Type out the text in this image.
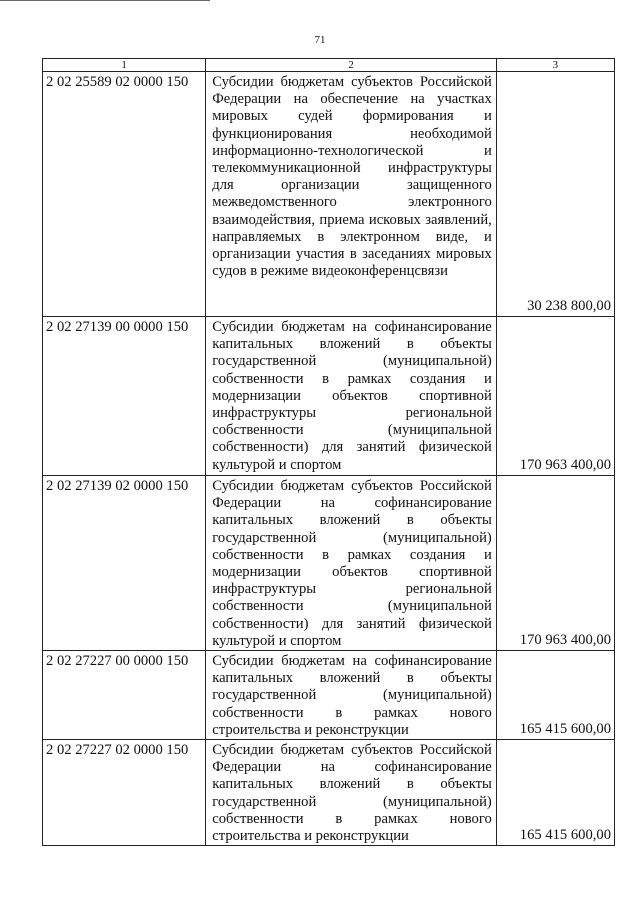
71
1	2	3
2 02 25589 02 0000 150	Субсидии бюджетам субъектов Российской Федерации на обеспечение на участках мировых судей формирования и функционирования необходимой информационно-технологической и телекоммуникационной инфраструктуры для организации защищенного межведомственного электронного взаимодействия, приема исковых заявлений, направляемых в электронном виде, и организации участия в заседаниях мировых судов в режиме видеоконференцсвязи	30 238 800,00
2 02 27139 00 0000 150	Субсидии бюджетам на софинансирование капитальных вложений в объекты государственной (муниципальной) собственности в рамках создания и модернизации объектов спортивной инфраструктуры региональной собственности (муниципальной собственности) для занятий физической культурой и спортом	170 963 400,00
2 02 27139 02 0000 150	Субсидии бюджетам субъектов Российской Федерации на софинансирование капитальных вложений в объекты государственной (муниципальной) собственности в рамках создания и модернизации объектов спортивной инфраструктуры региональной собственности (муниципальной собственности) для занятий физической культурой и спортом	170 963 400,00
2 02 27227 00 0000 150	Субсидии бюджетам на софинансирование капитальных вложений в объекты государственной (муниципальной) собственности в рамках нового строительства и реконструкции	165 415 600,00
2 02 27227 02 0000 150	Субсидии бюджетам субъектов Российской Федерации на софинансирование капитальных вложений в объекты государственной (муниципальной) собственности в рамках нового строительства и реконструкции	165 415 600,00
